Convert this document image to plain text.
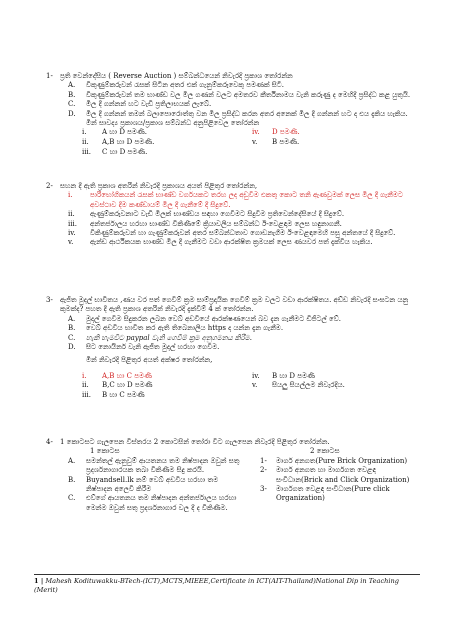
1- ප්‍රති වෙන්දේසිය ( Reverse Auction ) සම්බන්ධයෙන් නිවැරදි ප්‍රකාශ තෝරන්න
A. විකුණුම්කරුවන් රැසක් සිටින අතර එක් ගැනුම්කරුවෙකු පමණක් සිටී.
B. විකුණුම්කරුවන් තම භාණ්ඩ වල මිල ගණන් වලට අමතරව කීර්තිනාමය වැනි කරුණු ද මෙහිදී ප්‍රසිද්ධ කළ යුතුයි.
C. මිල දී ගන්නන් හට වැඩි ප්‍රතිලාභයක් ලැබේ.
D. මිල දී ගන්නන් තමන් බලාපොරොත්තු වන මිල ප්‍රසිද්ධ කරන අතර අනෙක් මිල දී ගන්නන් හට ද එය දැකිය හැකිය.
මින් සාවද්‍ය ප්‍රකාශය/ප්‍රකාශ සම්බන්ධ අනුපිළිවෙල තෝරන්න
i. A හා D පමණි.
ii. A,B හා D පමණි.
iii. C හා D පමණි.
iv. D පමණි.
v. B පමණි.
2- සහන දී ඇති ප්‍රකාශ අතරින් නිවැරදි ප්‍රකාශය අයත් පිළිතුර තෝරන්න,
i.	පාරිභෝගිකයන් රැසක් භාණ්ඩ වර්ගයකට තරහ ලද අඩුවීම එකතු කොට තනි ඇණවුමක් ලෙස මිල දී ගැනීමට අවස්ථාව දීම කණ්ඩායම් මිල දී ගැනීමේ දී සිදුවේ.
ii. ඇණුම්කරුවනාට වැඩි මිලක් භාණ්ඩය සඳහා ගෙවීමට සිදුවීම ප්‍රතිවෙන්දේසියේ දී සිදුවේ.
iii. අන්තර්ජාලය හරහා භාණ්ඩ විකිණීමේ ක්‍රියාවලිය සම්බන්ධ ඊ-වෙළඳාම ලෙස හඳුනාගනී.
iv. විකිණුම්කරුවන් හා ගැණුම්කරුවන් අතර සම්බන්ධතාව ගොඩනැගීම ඊ-වෙළඳාමෙහි පසු අන්තයේ දී සිදුවේ.
v. ඇන්ඩ ආර්ථිකයක භාණ්ඩ මිල දී ගැනීමට වඩා ආරක්ෂිත ක්‍රමයක් ලෙස ණයවර පත් දැක්විය හැකිය.
3- ඇජිත මුදල් භාවිතය ,ණය වර පත් ගෙවීම් ක්‍රම සාම්ප්‍රදායික ගෙවීම් ක්‍රම වලට වඩා ආරක්ෂිතය. අඩ්ඩ නිවැරදි සංඝටන යනු කුමක්ද? පහත දී ඇති ප්‍රකාශ අතරින් නිවැරදි දැක්වීම් 4 ක් තෝරන්න.
A. මුදල් ගෙවීම සිදුකරන ලබන වෙබ් අඩවියේ ආරක්ෂණයෙන් බව දැන ගැනීමට ඩිජිටල් වේ.
B. වෙබ් අඩවිය භාවිත කර ඇති තිබෙනාලිය https ද යන්න දැන ගැනීම.
C. හැකි හැමවිට paypal වැනි ගෙවීම් ක්‍රම අනුගමනය කිරීම.
D. සිට නොයිනර් වැනි ඇජිත මුදල් හරහා ගෙවීම.
මින් නිවැරදි පිළිතුර අයත් අක්ෂර තෝරන්න,
i. A,B හා C පමණි
ii. B,C හා D පමණි
iii. B හා C පමණි
iv. B හා D පමණි
v. සියලු සියල්ලම නිවැරදිය.
4- 1 කොටසට ගැලපෙන විස්තරය 2 කොටසින් තෝරා වීට ගැලපෙන නිවැරදි පිළිතුර තෝරන්න.
1 කොටස
A. සමන්තල් ඇනුවුම් ආයතනය තම නිෂ්පාදන ඔවුන් සතු ප්‍රදර්ශනාගාරයක තබා විකිණීම සිදු කරයි.
B. Buyandsell.lk නම් වෙබ් අඩවිය හරහා තම නිෂ්පාදන අලෙවි කිරීම
C. එව්ගේ ආයතනය තම නිෂ්පාදන අන්තර්ජාලය හරහා මෙන්ම ඔවුන් සතු ප්‍රදර්ශනාගාර වල දී ද විකිණීම.
2 කොටස
1- මාර්ග අනගත(Pure Brick Organization)
2- මාර්ග අනගත හා මාර්ගගත වෙළඳ සංවිධාන(Brick and Click Organization)
3- මාර්ගගත වෙළඳ සංවිධාන(Pure click Organization)
1 | Mahesh Kodituwakku-BTech-(ICT),MCTS,MIEEE,Certificate in ICT(AIT-Thailand)National Dip in Teaching (Merit)
